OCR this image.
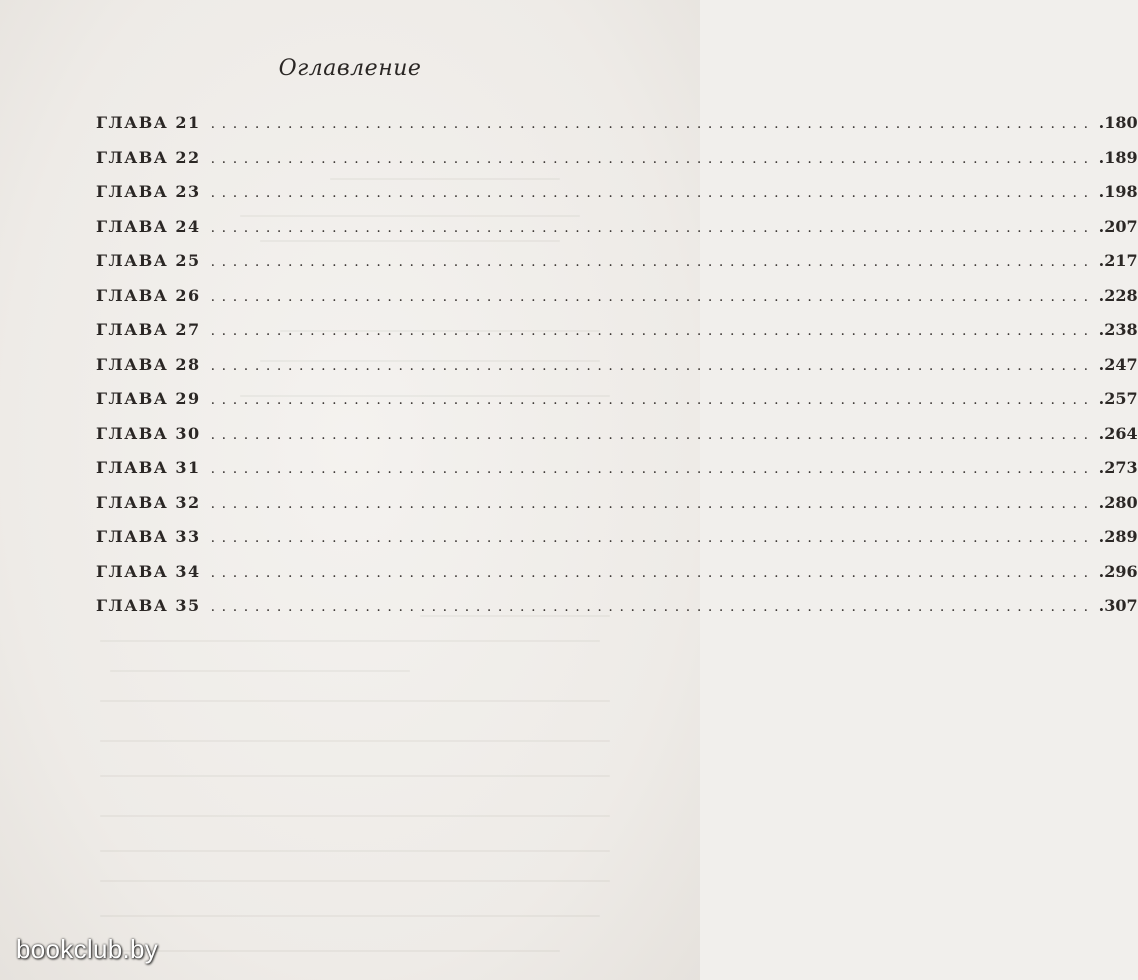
Оглавление
ГЛАВА 21 ................................................................................ .180
ГЛАВА 22 ................................................................................ .189
ГЛАВА 23 ................................................................................ .198
ГЛАВА 24 ................................................................................ .207
ГЛАВА 25 ................................................................................ .217
ГЛАВА 26 ................................................................................ .228
ГЛАВА 27 ................................................................................ .238
ГЛАВА 28 ................................................................................ .247
ГЛАВА 29 ................................................................................ .257
ГЛАВА 30 ................................................................................ .264
ГЛАВА 31 ................................................................................ .273
ГЛАВА 32 ................................................................................ .280
ГЛАВА 33 ................................................................................ .289
ГЛАВА 34 ................................................................................ .296
ГЛАВА 35 ................................................................................ .307
bookclub.by
